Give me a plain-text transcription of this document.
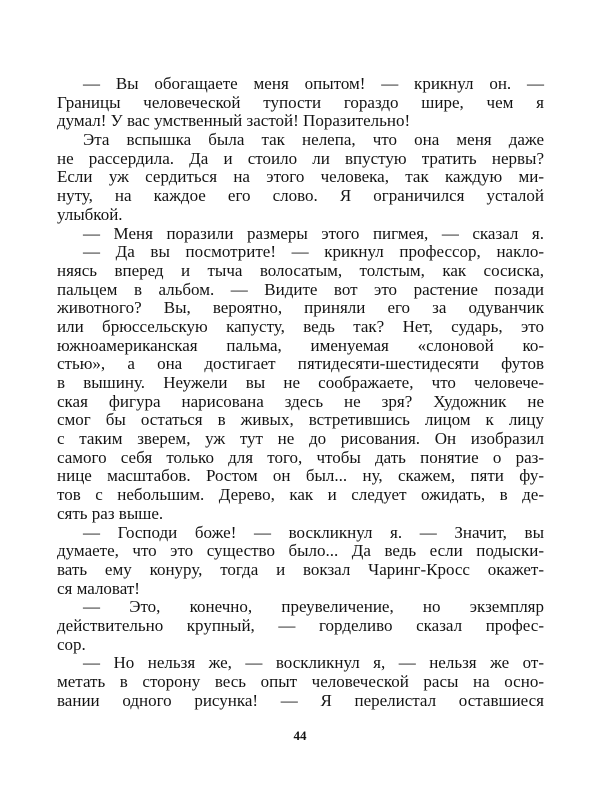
— Вы обогащаете меня опытом! — крикнул он. —
Границы человеческой тупости гораздо шире, чем я
думал! У вас умственный застой! Поразительно!
Эта вспышка была так нелепа, что она меня даже
не рассердила. Да и стоило ли впустую тратить нервы?
Если уж сердиться на этого человека, так каждую ми-
нуту, на каждое его слово. Я ограничился усталой
улыбкой.
— Меня поразили размеры этого пигмея, — сказал я.
— Да вы посмотрите! — крикнул профессор, накло-
няясь вперед и тыча волосатым, толстым, как сосиска,
пальцем в альбом. — Видите вот это растение позади
животного? Вы, вероятно, приняли его за одуванчик
или брюссельскую капусту, ведь так? Нет, сударь, это
южноамериканская пальма, именуемая «слоновой ко-
стью», а она достигает пятидесяти-шестидесяти футов
в вышину. Неужели вы не соображаете, что человече-
ская фигура нарисована здесь не зря? Художник не
смог бы остаться в живых, встретившись лицом к лицу
с таким зверем, уж тут не до рисования. Он изобразил
самого себя только для того, чтобы дать понятие о раз-
нице масштабов. Ростом он был... ну, скажем, пяти фу-
тов с небольшим. Дерево, как и следует ожидать, в де-
сять раз выше.
— Господи боже! — воскликнул я. — Значит, вы
думаете, что это существо было... Да ведь если подыски-
вать ему конуру, тогда и вокзал Чаринг-Кросс окажет-
ся маловат!
— Это, конечно, преувеличение, но экземпляр
действительно крупный, — горделиво сказал профес-
сор.
— Но нельзя же, — воскликнул я, — нельзя же от-
метать в сторону весь опыт человеческой расы на осно-
вании одного рисунка! — Я перелистал оставшиеся
44
